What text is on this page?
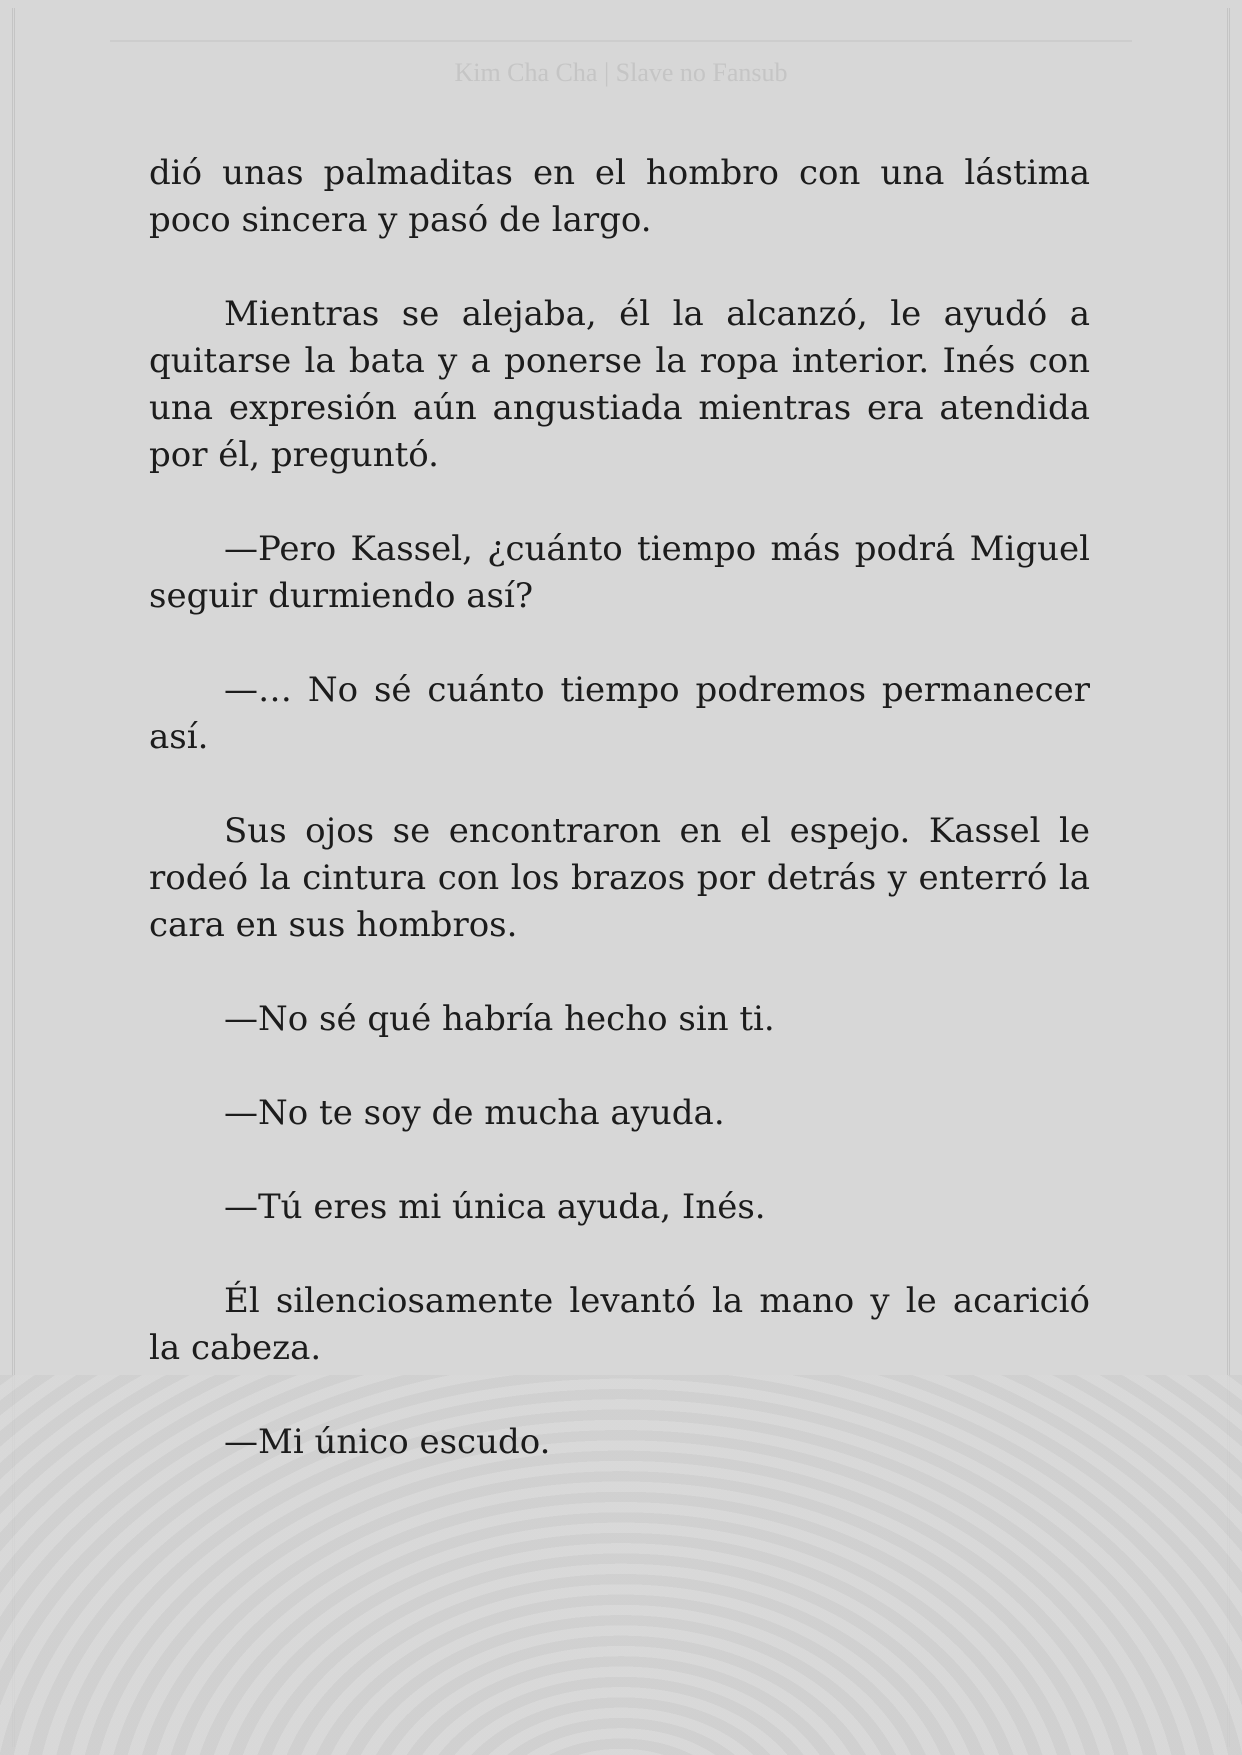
Kim Cha Cha | Slave no Fansub

dió unas palmaditas en el hombro con una lástima poco sincera y pasó de largo.

Mientras se alejaba, él la alcanzó, le ayudó a quitarse la bata y a ponerse la ropa interior. Inés con una expresión aún angustiada mientras era atendida por él, preguntó.

—Pero Kassel, ¿cuánto tiempo más podrá Miguel seguir durmiendo así?

—… No sé cuánto tiempo podremos permanecer así.

Sus ojos se encontraron en el espejo. Kassel le rodeó la cintura con los brazos por detrás y enterró la cara en sus hombros.

—No sé qué habría hecho sin ti.

—No te soy de mucha ayuda.

—Tú eres mi única ayuda, Inés.

Él silenciosamente levantó la mano y le acarició la cabeza.

—Mi único escudo.
